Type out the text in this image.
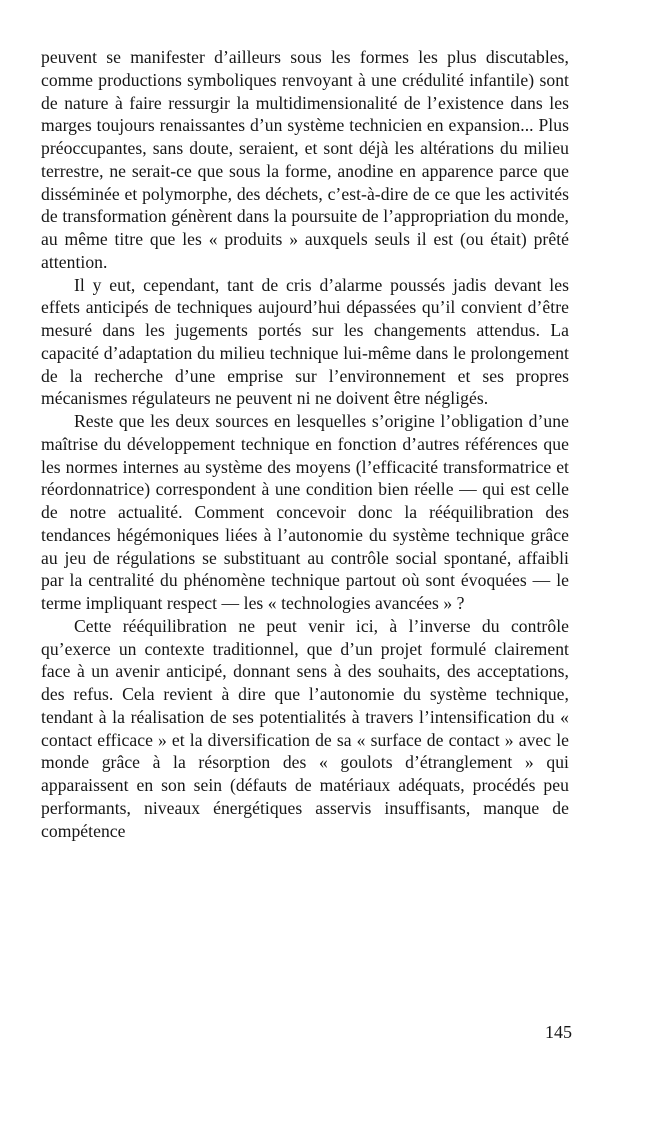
peuvent se manifester d’ailleurs sous les formes les plus discutables, comme productions symboliques renvoyant à une crédulité infantile) sont de nature à faire ressurgir la multidimensionalité de l’existence dans les marges toujours renaissantes d’un système technicien en expansion... Plus préoccupantes, sans doute, seraient, et sont déjà les altérations du milieu terrestre, ne serait-ce que sous la forme, anodine en apparence parce que disséminée et polymorphe, des déchets, c’est-à-dire de ce que les activités de transformation génèrent dans la poursuite de l’appropriation du monde, au même titre que les « produits » auxquels seuls il est (ou était) prêté attention.

Il y eut, cependant, tant de cris d’alarme poussés jadis devant les effets anticipés de techniques aujourd’hui dépassées qu’il convient d’être mesuré dans les jugements portés sur les changements attendus. La capacité d’adaptation du milieu technique lui-même dans le prolongement de la recherche d’une emprise sur l’environnement et ses propres mécanismes régulateurs ne peuvent ni ne doivent être négligés.

Reste que les deux sources en lesquelles s’origine l’obligation d’une maîtrise du développement technique en fonction d’autres références que les normes internes au système des moyens (l’efficacité transformatrice et réordonnatrice) correspondent à une condition bien réelle — qui est celle de notre actualité. Comment concevoir donc la rééquilibration des tendances hégémoniques liées à l’autonomie du système technique grâce au jeu de régulations se substituant au contrôle social spontané, affaibli par la centralité du phénomène technique partout où sont évoquées — le terme impliquant respect — les « technologies avancées » ?

Cette rééquilibration ne peut venir ici, à l’inverse du contrôle qu’exerce un contexte traditionnel, que d’un projet formulé clairement face à un avenir anticipé, donnant sens à des souhaits, des acceptations, des refus. Cela revient à dire que l’autonomie du système technique, tendant à la réalisation de ses potentialités à travers l’intensification du « contact efficace » et la diversification de sa « surface de contact » avec le monde grâce à la résorption des « goulots d’étranglement » qui apparaissent en son sein (défauts de matériaux adéquats, procédés peu performants, niveaux énergétiques asservis insuffisants, manque de compétence

145
